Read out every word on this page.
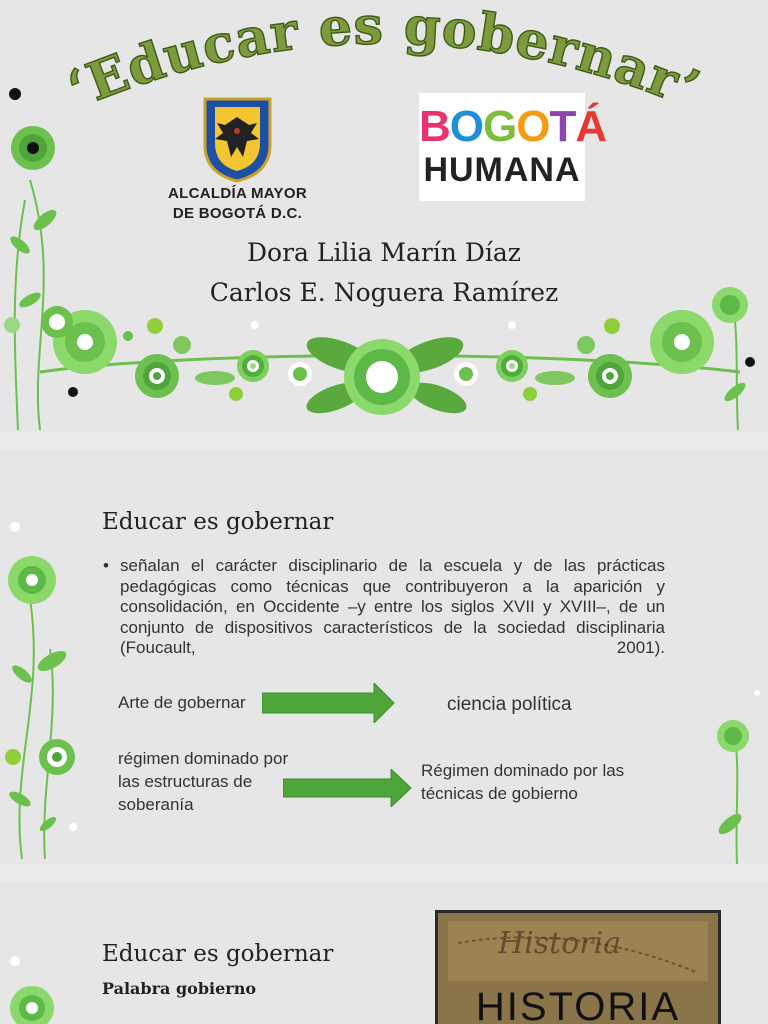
‘Educar es gobernar’
ALCALDÍA MAYOR
DE BOGOTÁ D.C.
BOGOTÁ
HUMANA
Dora Lilia Marín Díaz
Carlos E. Noguera Ramírez
Educar es gobernar
• señalan el carácter disciplinario de la escuela y de las prácticas pedagógicas como técnicas que contribuyeron a la aparición y consolidación, en Occidente –y entre los siglos XVII y XVIII–, de un conjunto de dispositivos característicos de la sociedad disciplinaria (Foucault, 2001).
Arte de gobernar	ciencia política
régimen dominado por las estructuras de soberanía
Régimen dominado por las técnicas de gobierno
Educar es gobernar
Palabra gobierno
Historia
HISTORIA
